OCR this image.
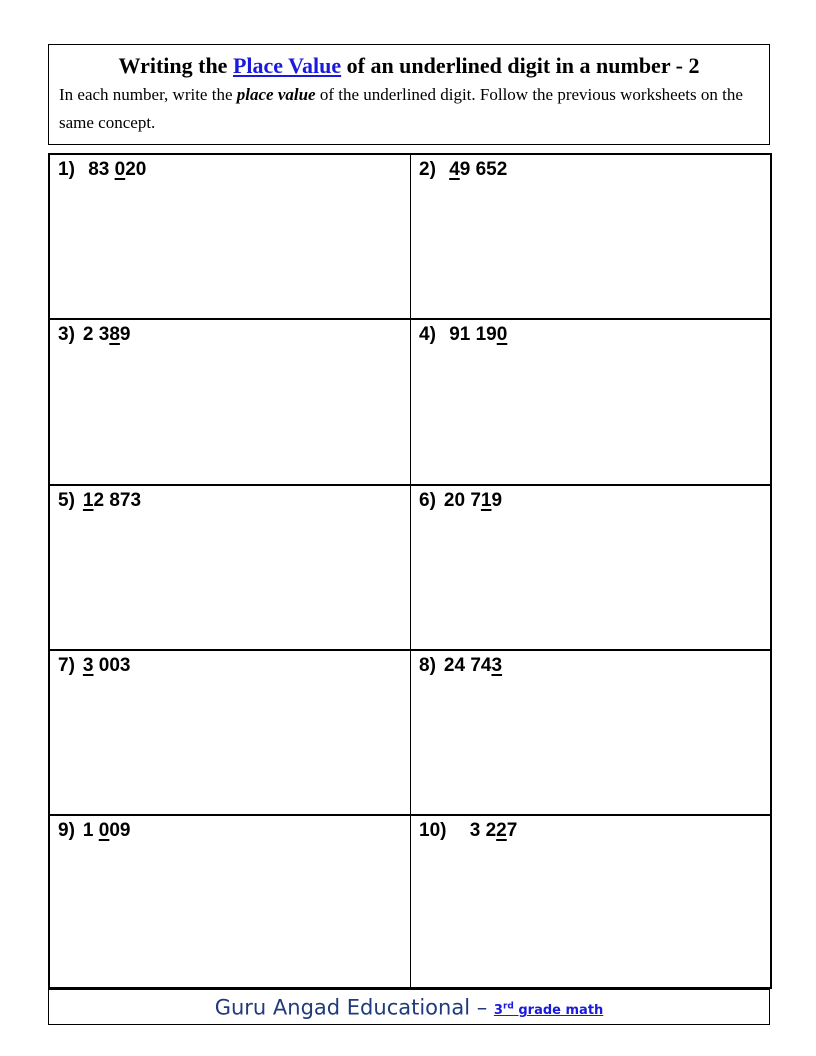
Writing the Place Value of an underlined digit in a number - 2
In each number, write the place value of the underlined digit. Follow the previous worksheets on the same concept.
1) 83 020	2) 49 652
3) 2 389	4) 91 190
5) 12 873	6) 20 719
7) 3 003	8) 24 743
9) 1 009	10) 3 227
Guru Angad Educational – 3rd grade math
